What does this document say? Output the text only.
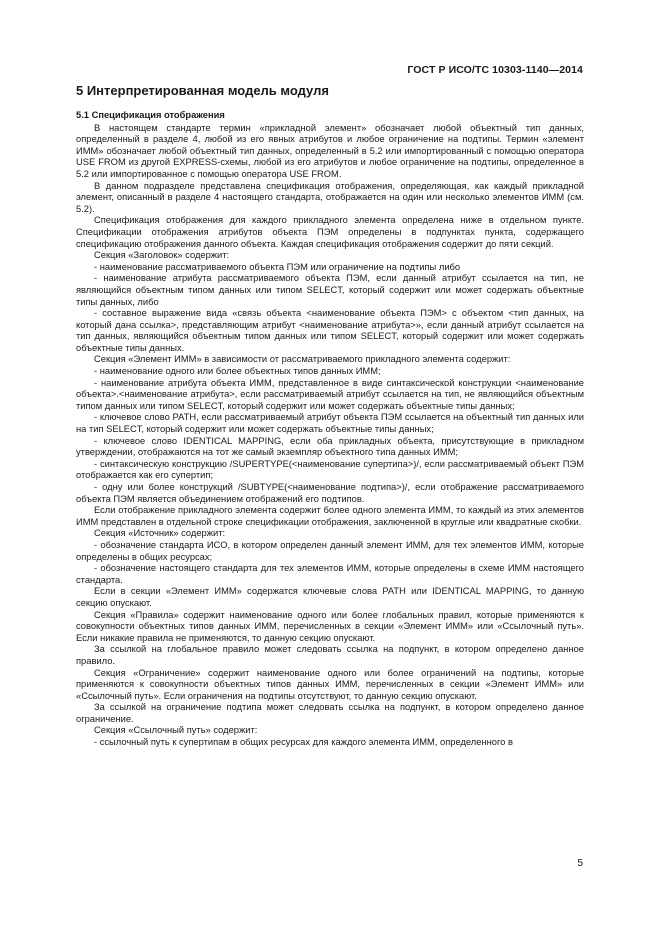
ГОСТ Р ИСО/ТС 10303-1140—2014
5 Интерпретированная модель модуля
5.1 Спецификация отображения
В настоящем стандарте термин «прикладной элемент» обозначает любой объектный тип данных, определенный в разделе 4, любой из его явных атрибутов и любое ограничение на подтипы. Термин «элемент ИММ» обозначает любой объектный тип данных, определенный в 5.2 или импортированный с помощью оператора USE FROM из другой EXPRESS-схемы, любой из его атрибутов и любое ограничение на подтипы, определенное в 5.2 или импортированное с помощью оператора USE FROM.
В данном подразделе представлена спецификация отображения, определяющая, как каждый прикладной элемент, описанный в разделе 4 настоящего стандарта, отображается на один или несколько элементов ИММ (см. 5.2).
Спецификация отображения для каждого прикладного элемента определена ниже в отдельном пункте. Спецификации отображения атрибутов объекта ПЭМ определены в подпунктах пункта, содержащего спецификацию отображения данного объекта. Каждая спецификация отображения содержит до пяти секций.
Секция «Заголовок» содержит:
- наименование рассматриваемого объекта ПЭМ или ограничение на подтипы либо
- наименование атрибута рассматриваемого объекта ПЭМ, если данный атрибут ссылается на тип, не являющийся объектным типом данных или типом SELECT, который содержит или может содержать объектные типы данных, либо
- составное выражение вида «связь объекта <наименование объекта ПЭМ> с объектом <тип данных, на который дана ссылка>, представляющим атрибут <наименование атрибута>», если данный атрибут ссылается на тип данных, являющийся объектным типом данных или типом SELECT, который содержит или может содержать объектные типы данных.
Секция «Элемент ИММ» в зависимости от рассматриваемого прикладного элемента содержит:
- наименование одного или более объектных типов данных ИММ;
- наименование атрибута объекта ИММ, представленное в виде синтаксической конструкции <наименование объекта>.<наименование атрибута>, если рассматриваемый атрибут ссылается на тип, не являющийся объектным типом данных или типом SELECT, который содержит или может содержать объектные типы данных;
- ключевое слово PATH, если рассматриваемый атрибут объекта ПЭМ ссылается на объектный тип данных или на тип SELECT, который содержит или может содержать объектные типы данных;
- ключевое слово IDENTICAL MAPPING, если оба прикладных объекта, присутствующие в прикладном утверждении, отображаются на тот же самый экземпляр объектного типа данных ИММ;
- синтаксическую конструкцию /SUPERTYPE(<наименование супертипа>)/, если рассматриваемый объект ПЭМ отображается как его супертип;
- одну или более конструкций /SUBTYPE(<наименование подтипа>)/, если отображение рассматриваемого объекта ПЭМ является объединением отображений его подтипов.
Если отображение прикладного элемента содержит более одного элемента ИММ, то каждый из этих элементов ИММ представлен в отдельной строке спецификации отображения, заключенной в круглые или квадратные скобки.
Секция «Источник» содержит:
- обозначение стандарта ИСО, в котором определен данный элемент ИММ, для тех элементов ИММ, которые определены в общих ресурсах;
- обозначение настоящего стандарта для тех элементов ИММ, которые определены в схеме ИММ настоящего стандарта.
Если в секции «Элемент ИММ» содержатся ключевые слова PATH или IDENTICAL MAPPING, то данную секцию опускают.
Секция «Правила» содержит наименование одного или более глобальных правил, которые применяются к совокупности объектных типов данных ИММ, перечисленных в секции «Элемент ИММ» или «Ссылочный путь». Если никакие правила не применяются, то данную секцию опускают.
За ссылкой на глобальное правило может следовать ссылка на подпункт, в котором определено данное правило.
Секция «Ограничение» содержит наименование одного или более ограничений на подтипы, которые применяются к совокупности объектных типов данных ИММ, перечисленных в секции «Элемент ИММ» или «Ссылочный путь». Если ограничения на подтипы отсутствуют, то данную секцию опускают.
За ссылкой на ограничение подтипа может следовать ссылка на подпункт, в котором определено данное ограничение.
Секция «Ссылочный путь» содержит:
- ссылочный путь к супертипам в общих ресурсах для каждого элемента ИММ, определенного в
5
